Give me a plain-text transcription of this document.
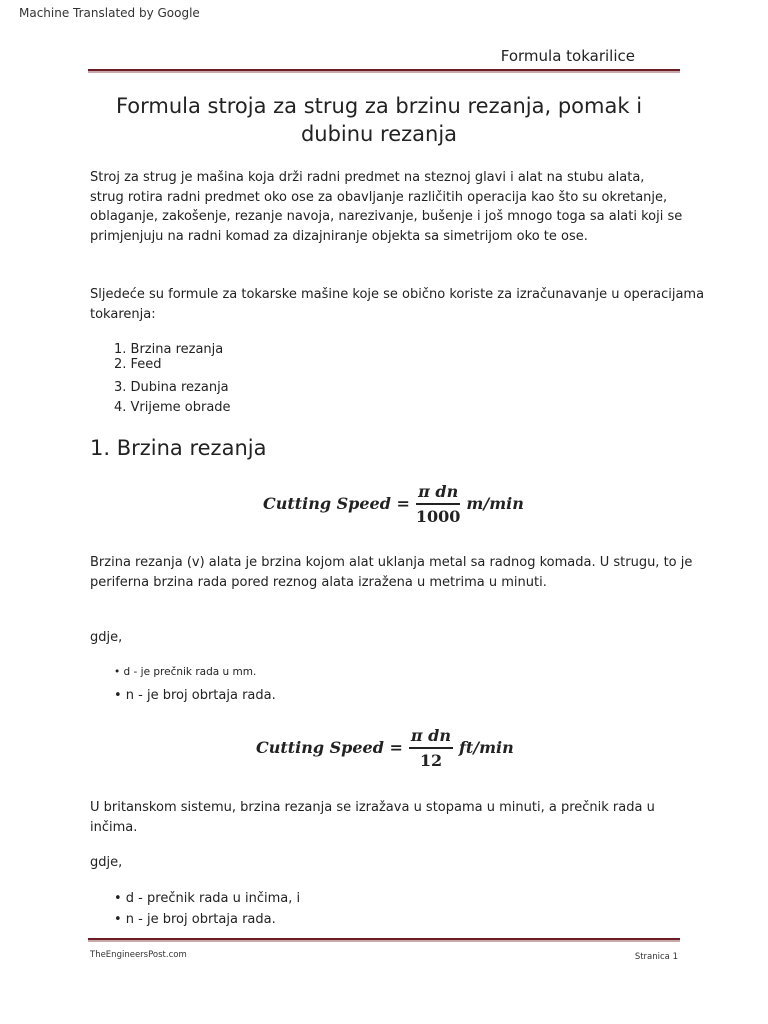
Machine Translated by Google
Formula tokarilice
Formula stroja za strug za brzinu rezanja, pomak i
dubinu rezanja
Stroj za strug je mašina koja drži radni predmet na steznoj glavi i alat na stubu alata,
strug rotira radni predmet oko ose za obavljanje različitih operacija kao što su okretanje,
oblaganje, zakošenje, rezanje navoja, narezivanje, bušenje i još mnogo toga sa alati koji se
primjenjuju na radni komad za dizajniranje objekta sa simetrijom oko te ose.
Sljedeće su formule za tokarske mašine koje se obično koriste za izračunavanje u operacijama
tokarenja:
1. Brzina rezanja
2. Feed
3. Dubina rezanja
4. Vrijeme obrade
1. Brzina rezanja
Cutting Speed = $\frac{\text{π dn}}{1000} m/\min$
Brzina rezanja (v) alata je brzina kojom alat uklanja metal sa radnog komada. U strugu, to je
periferna brzina rada pored reznog alata izražena u metrima u minuti.
gdje,
• d - je prečnik rada u mm.
• n - je broj obrtaja rada.
Cutting Speed = $\frac{\text{π dn}}{12} ft/\min$
U britanskom sistemu, brzina rezanja se izražava u stopama u minuti, a prečnik rada u inčima.
gdje,
• d - prečnik rada u inčima, i
• n - je broj obrtaja rada.
TheEngineersPost.com	Stranica 1
